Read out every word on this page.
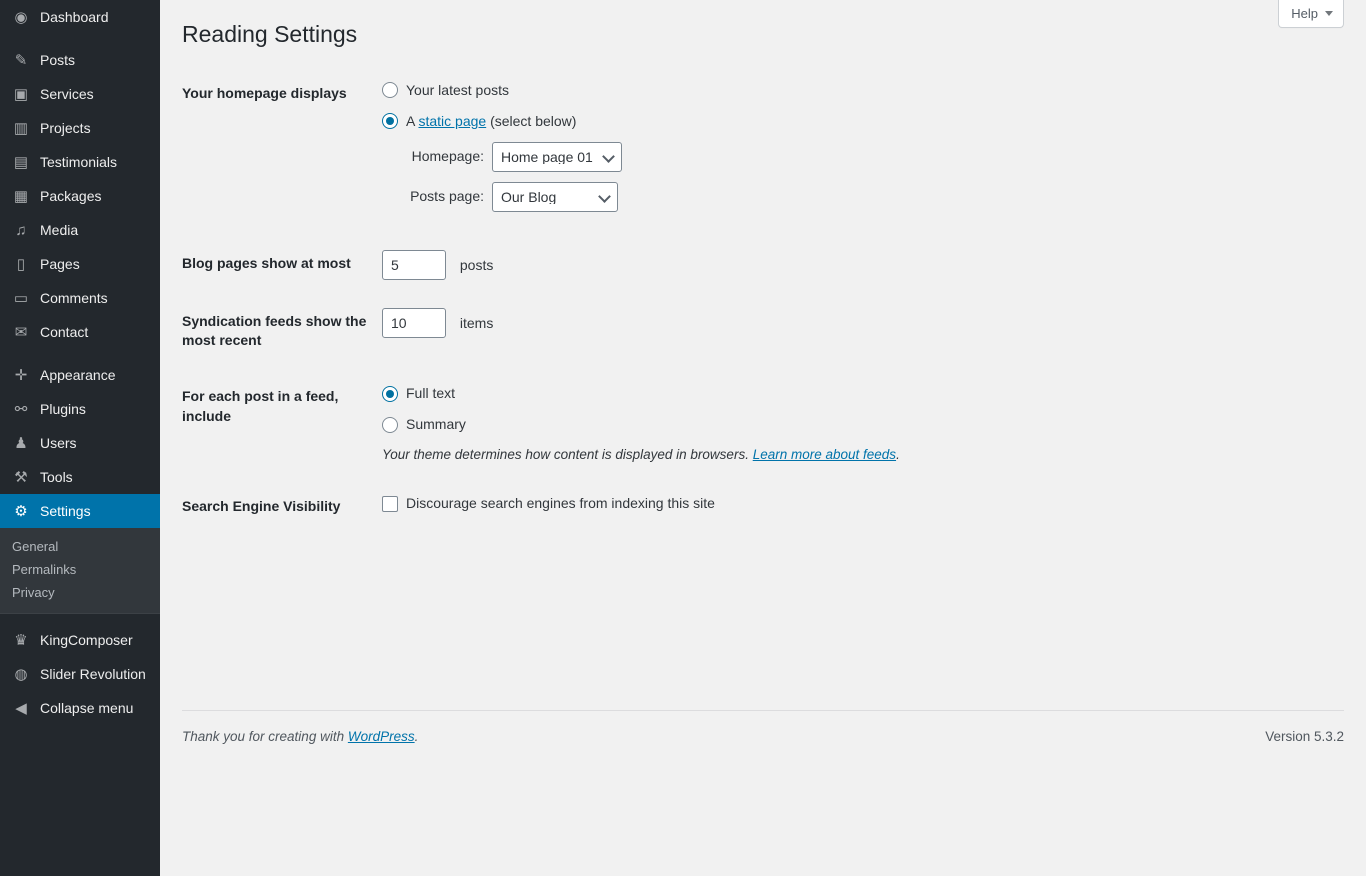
◉ Dashboard
✎ Posts
▣ Services
▥ Projects
▤ Testimonials
▦ Packages
♫ Media
▯	Pages
▭ Comments
✉ Contact
✛ Appearance
⚯ Plugins
♟ Users
⚒ Tools
⚙ Settings
General
Permalinks
Privacy
♛ KingComposer
◍ Slider Revolution
◀ Collapse menu
Help
Reading Settings
Your homepage displays	Your latest posts
A static page (select below)
Homepage:
Home page 01
Posts page:
Our Blog

Blog pages show at most	5posts
Syndication feeds show the most recent	10 items
For each post in a feed, include	Full text
Summary
Your theme determines how content is displayed in browsers. Learn more about feeds.

Search Engine Visibility	Discourage search engines from indexing this site
Thank you for creating with WordPress.	Version 5.3.2
